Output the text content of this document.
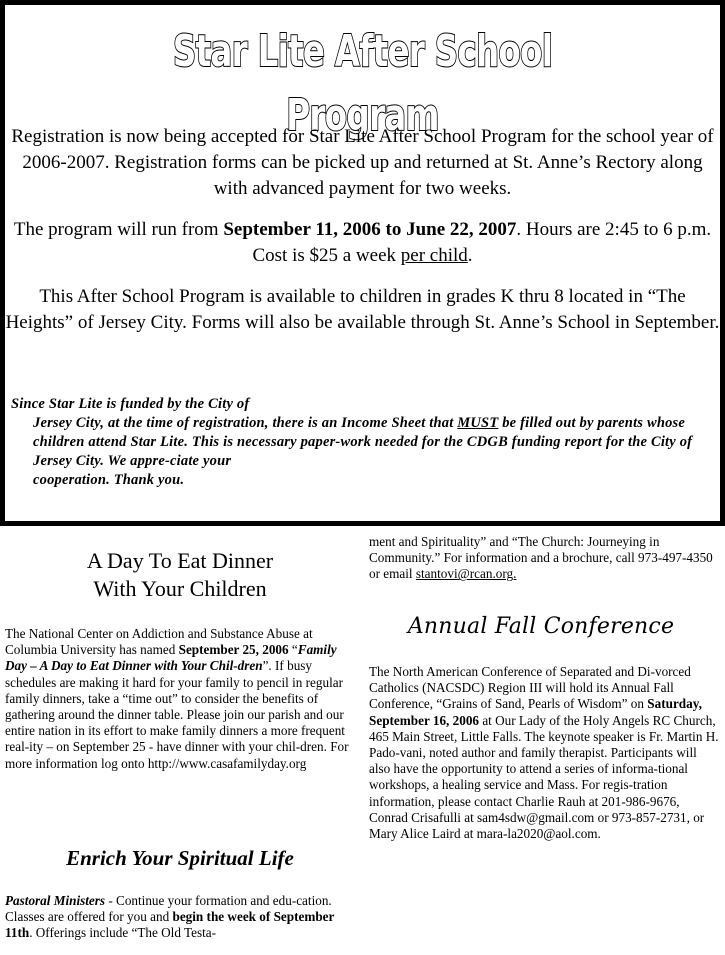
Star Lite After School Program

Registration is now being accepted for Star Lite After School Program for the school year of 2006-2007. Registration forms can be picked up and returned at St. Anne’s Rectory along with advanced payment for two weeks.

The program will run from September 11, 2006 to June 22, 2007. Hours are 2:45 to 6 p.m. Cost is $25 a week per child.

This After School Program is available to children in grades K thru 8 located in “The Heights” of Jersey City. Forms will also be available through St. Anne’s School in September.

Since Star Lite is funded by the City of
Jersey City, at the time of registration, there is an Income Sheet that MUST be filled out by parents whose children attend Star Lite. This is necessary paper-work needed for the CDGB funding report for the City of Jersey City. We appre-ciate your
cooperation. Thank you.

A Day To Eat Dinner
With Your Children

The National Center on Addiction and Substance Abuse at Columbia University has named September 25, 2006 “Family Day – A Day to Eat Dinner with Your Chil-dren”. If busy schedules are making it hard for your family to pencil in regular family dinners, take a “time out” to consider the benefits of gathering around the dinner table. Please join our parish and our entire nation in its effort to make family dinners a more frequent real-ity – on September 25 - have dinner with your chil-dren. For more information log onto http://www.casafamilyday.org

Enrich Your Spiritual Life

Pastoral Ministers - Continue your formation and edu-cation. Classes are offered for you and begin the week of September 11th. Offerings include “The Old Testa-

ment and Spirituality” and “The Church: Journeying in Community.” For information and a brochure, call 973-497-4350 or email stantovi@rcan.org.

Annual Fall Conference

The North American Conference of Separated and Di-vorced Catholics (NACSDC) Region III will hold its Annual Fall Conference, “Grains of Sand, Pearls of Wisdom” on Saturday, September 16, 2006 at Our Lady of the Holy Angels RC Church, 465 Main Street, Little Falls. The keynote speaker is Fr. Martin H. Pado-vani, noted author and family therapist. Participants will also have the opportunity to attend a series of informa-tional workshops, a healing service and Mass. For regis-tration information, please contact Charlie Rauh at 201-986-9676, Conrad Crisafulli at sam4sdw@gmail.com or 973-857-2731, or Mary Alice Laird at mara-la2020@aol.com.
